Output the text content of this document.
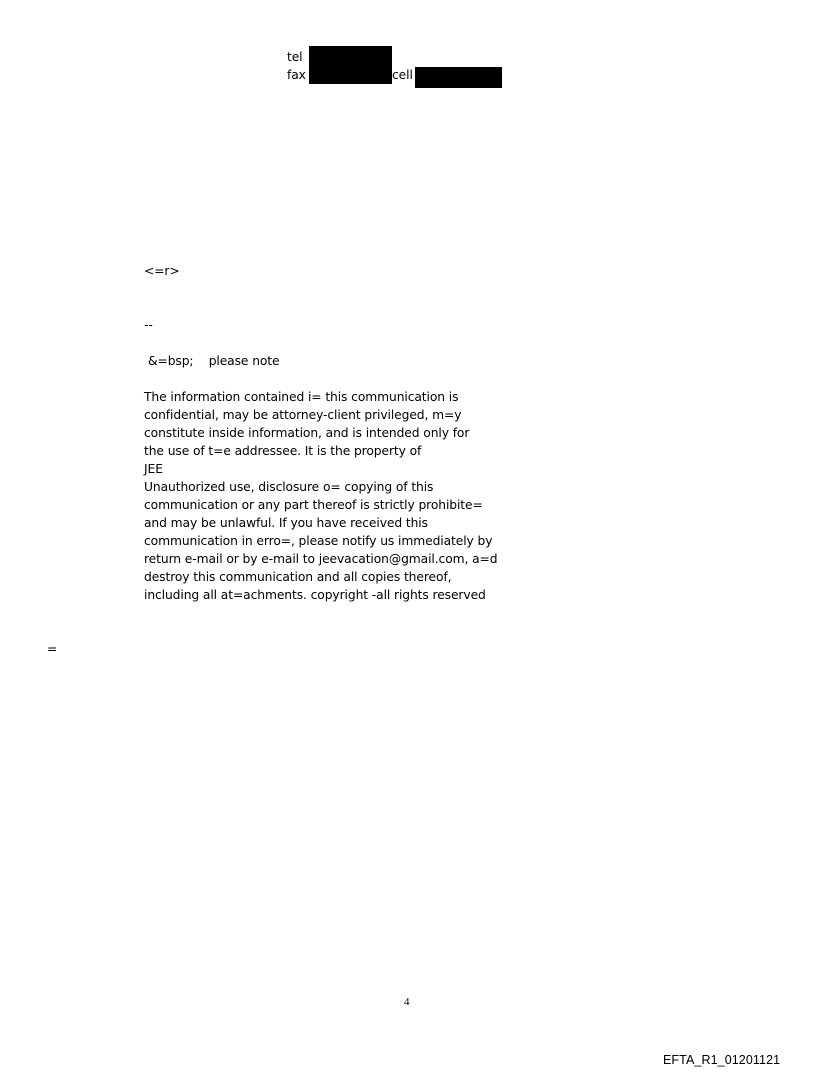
tel
fax	cell
<=r>
--
&=bsp;    please note
The information contained i= this communication is
confidential, may be attorney-client privileged, m=y
constitute inside information, and is intended only for
the use of t=e addressee. It is the property of
JEE
Unauthorized use, disclosure o= copying of this
communication or any part thereof is strictly prohibite=
and may be unlawful. If you have received this
communication in erro=, please notify us immediately by
return e-mail or by e-mail to jeevacation@gmail.com, a=d
destroy this communication and all copies thereof,
including all at=achments. copyright -all rights reserved
=
4
EFTA_R1_01201121
